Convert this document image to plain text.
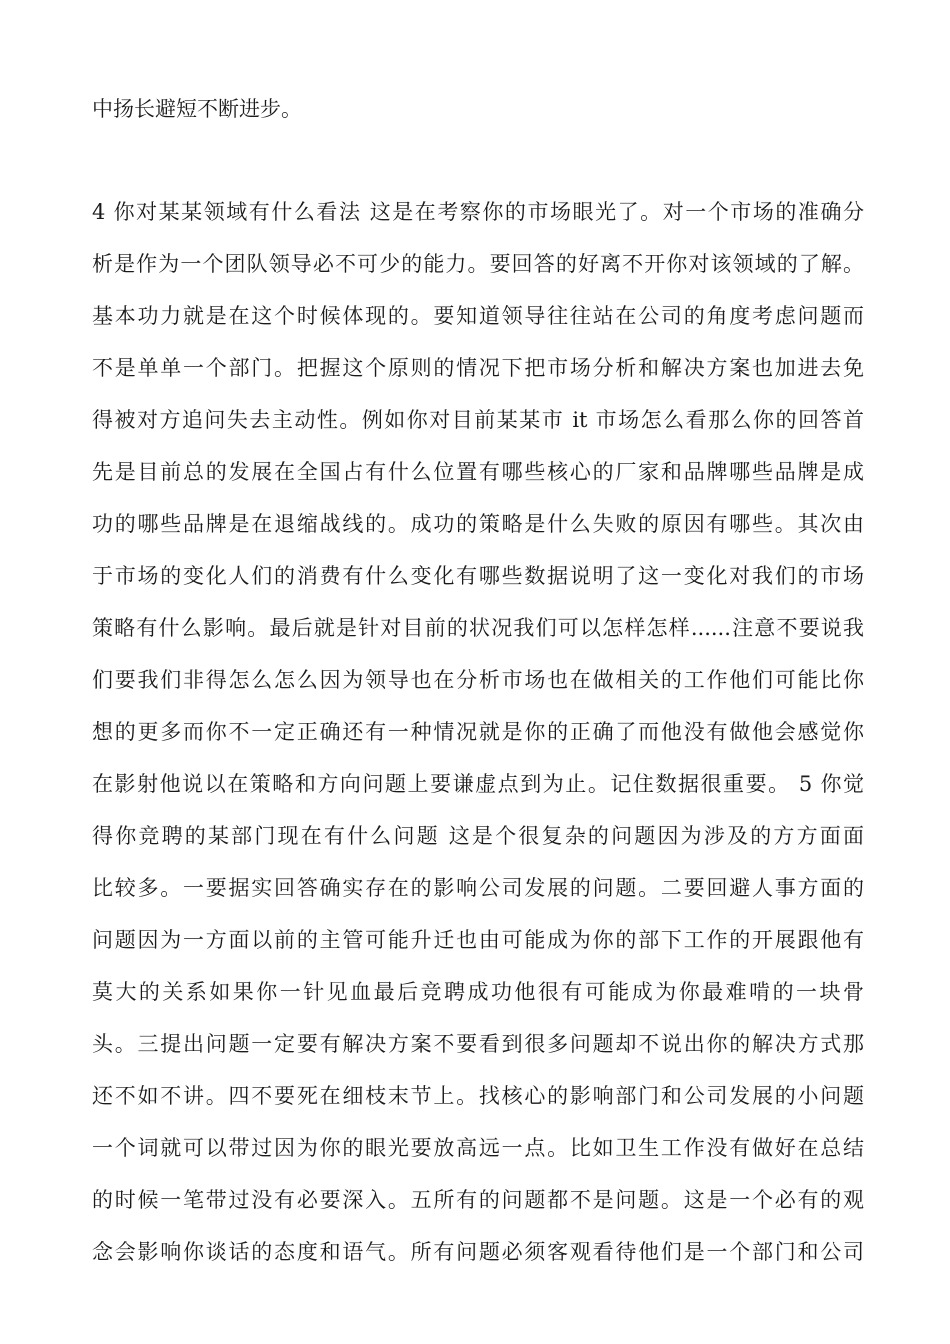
中扬长避短不断进步。
4 你对某某领域有什么看法 这是在考察你的市场眼光了。对一个市场的准确分
析是作为一个团队领导必不可少的能力。要回答的好离不开你对该领域的了解。
基本功力就是在这个时候体现的。要知道领导往往站在公司的角度考虑问题而
不是单单一个部门。把握这个原则的情况下把市场分析和解决方案也加进去免
得被对方追问失去主动性。例如你对目前某某市 it 市场怎么看那么你的回答首
先是目前总的发展在全国占有什么位置有哪些核心的厂家和品牌哪些品牌是成
功的哪些品牌是在退缩战线的。成功的策略是什么失败的原因有哪些。其次由
于市场的变化人们的消费有什么变化有哪些数据说明了这一变化对我们的市场
策略有什么影响。最后就是针对目前的状况我们可以怎样怎样......注意不要说我
们要我们非得怎么怎么因为领导也在分析市场也在做相关的工作他们可能比你
想的更多而你不一定正确还有一种情况就是你的正确了而他没有做他会感觉你
在影射他说以在策略和方向问题上要谦虚点到为止。记住数据很重要。 5 你觉
得你竞聘的某部门现在有什么问题 这是个很复杂的问题因为涉及的方方面面
比较多。一要据实回答确实存在的影响公司发展的问题。二要回避人事方面的
问题因为一方面以前的主管可能升迁也由可能成为你的部下工作的开展跟他有
莫大的关系如果你一针见血最后竞聘成功他很有可能成为你最难啃的一块骨
头。三提出问题一定要有解决方案不要看到很多问题却不说出你的解决方式那
还不如不讲。四不要死在细枝末节上。找核心的影响部门和公司发展的小问题
一个词就可以带过因为你的眼光要放高远一点。比如卫生工作没有做好在总结
的时候一笔带过没有必要深入。五所有的问题都不是问题。这是一个必有的观
念会影响你谈话的态度和语气。所有问题必须客观看待他们是一个部门和公司
